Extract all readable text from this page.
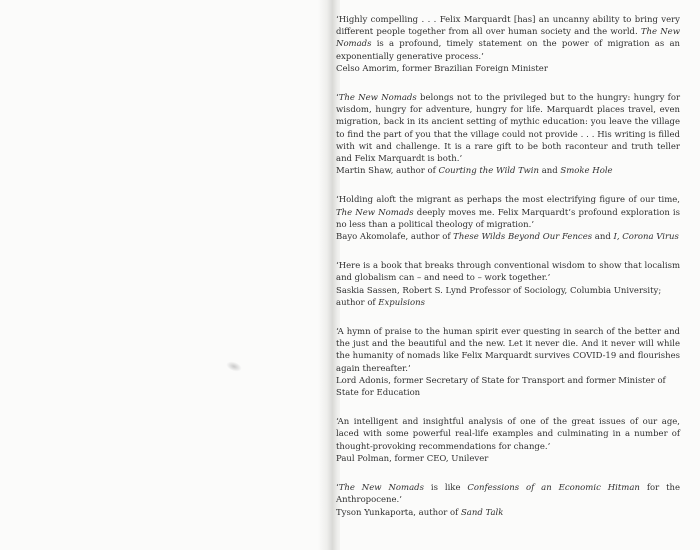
‘Highly compelling . . . Felix Marquardt [has] an uncanny ability to bring very different people together from all over human society and the world. The New Nomads is a profound, timely statement on the power of migration as an exponentially generative process.’
Celso Amorim, former Brazilian Foreign Minister
‘The New Nomads belongs not to the privileged but to the hungry: hungry for wisdom, hungry for adventure, hungry for life. Marquardt places travel, even migration, back in its ancient setting of mythic education: you leave the village to find the part of you that the village could not provide . . . His writing is filled with wit and challenge. It is a rare gift to be both raconteur and truth teller and Felix Marquardt is both.’
Martin Shaw, author of Courting the Wild Twin and Smoke Hole
‘Holding aloft the migrant as perhaps the most electrifying figure of our time, The New Nomads deeply moves me. Felix Marquardt’s profound exploration is no less than a political theology of migration.’
Bayo Akomolafe, author of These Wilds Beyond Our Fences and I, Corona Virus
‘Here is a book that breaks through conventional wisdom to show that localism and globalism can – and need to – work together.’
Saskia Sassen, Robert S. Lynd Professor of Sociology, Columbia University; author of Expulsions
‘A hymn of praise to the human spirit ever questing in search of the better and the just and the beautiful and the new. Let it never die. And it never will while the humanity of nomads like Felix Marquardt survives COVID-19 and flourishes again thereafter.’
Lord Adonis, former Secretary of State for Transport and former Minister of State for Education
‘An intelligent and insightful analysis of one of the great issues of our age, laced with some powerful real-life examples and culminating in a number of thought-provoking recommendations for change.’
Paul Polman, former CEO, Unilever
‘The New Nomads is like Confessions of an Economic Hitman for the Anthropocene.’
Tyson Yunkaporta, author of Sand Talk
